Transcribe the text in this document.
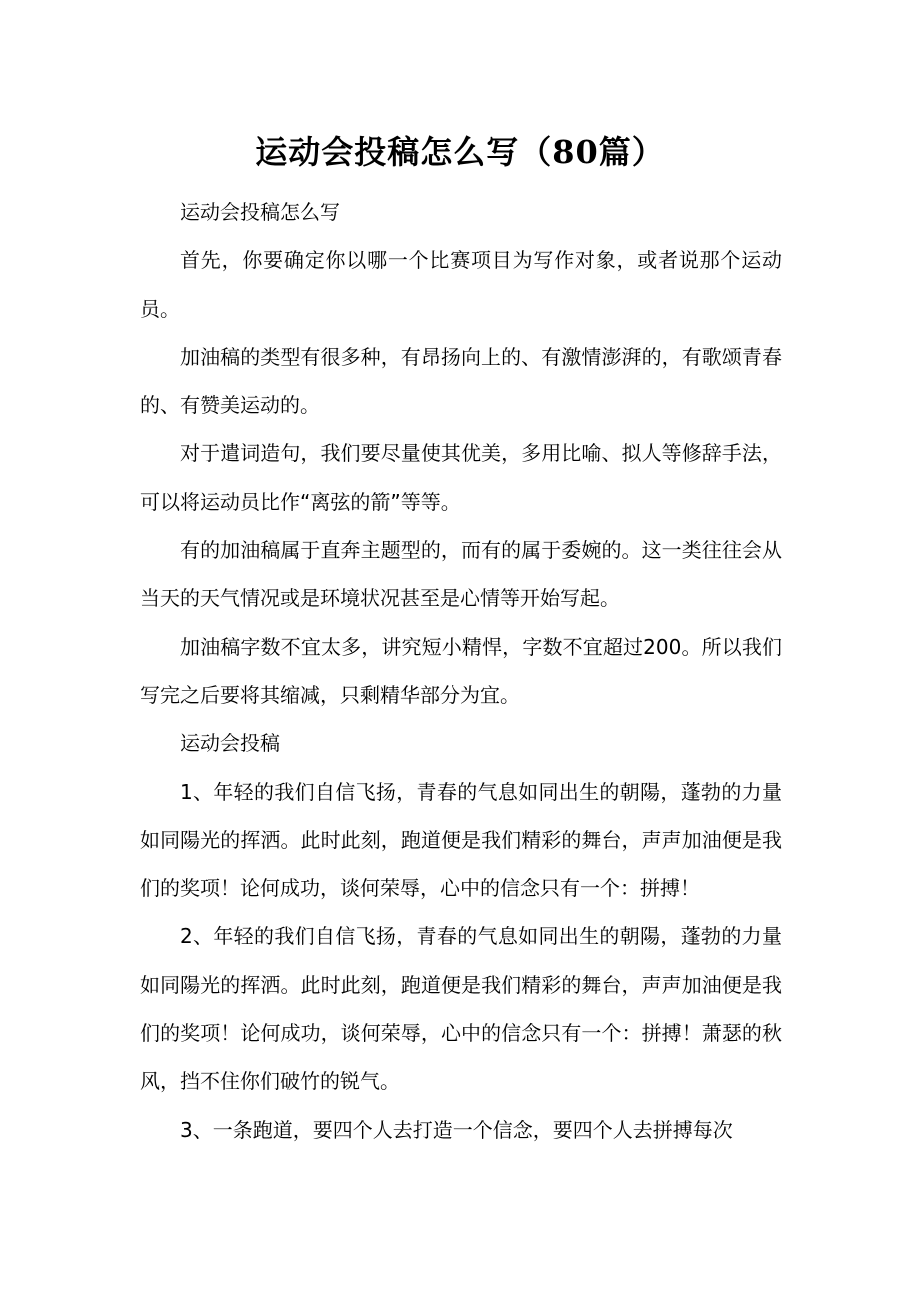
运动会投稿怎么写（80篇）

运动会投稿怎么写

首先，你要确定你以哪一个比赛项目为写作对象，或者说那个运动员。

加油稿的类型有很多种，有昂扬向上的、有激情澎湃的，有歌颂青春的、有赞美运动的。

对于遣词造句，我们要尽量使其优美，多用比喻、拟人等修辞手法，可以将运动员比作“离弦的箭”等等。

有的加油稿属于直奔主题型的，而有的属于委婉的。这一类往往会从当天的天气情况或是环境状况甚至是心情等开始写起。

加油稿字数不宜太多，讲究短小精悍，字数不宜超过200。所以我们写完之后要将其缩减，只剩精华部分为宜。

运动会投稿

1、年轻的我们自信飞扬，青春的气息如同出生的朝陽，蓬勃的力量如同陽光的挥洒。此时此刻，跑道便是我们精彩的舞台，声声加油便是我们的奖项！论何成功，谈何荣辱，心中的信念只有一个：拼搏！

2、年轻的我们自信飞扬，青春的气息如同出生的朝陽，蓬勃的力量如同陽光的挥洒。此时此刻，跑道便是我们精彩的舞台，声声加油便是我们的奖项！论何成功，谈何荣辱，心中的信念只有一个：拼搏！萧瑟的秋风，挡不住你们破竹的锐气。

3、一条跑道，要四个人去打造一个信念，要四个人去拼搏每次
